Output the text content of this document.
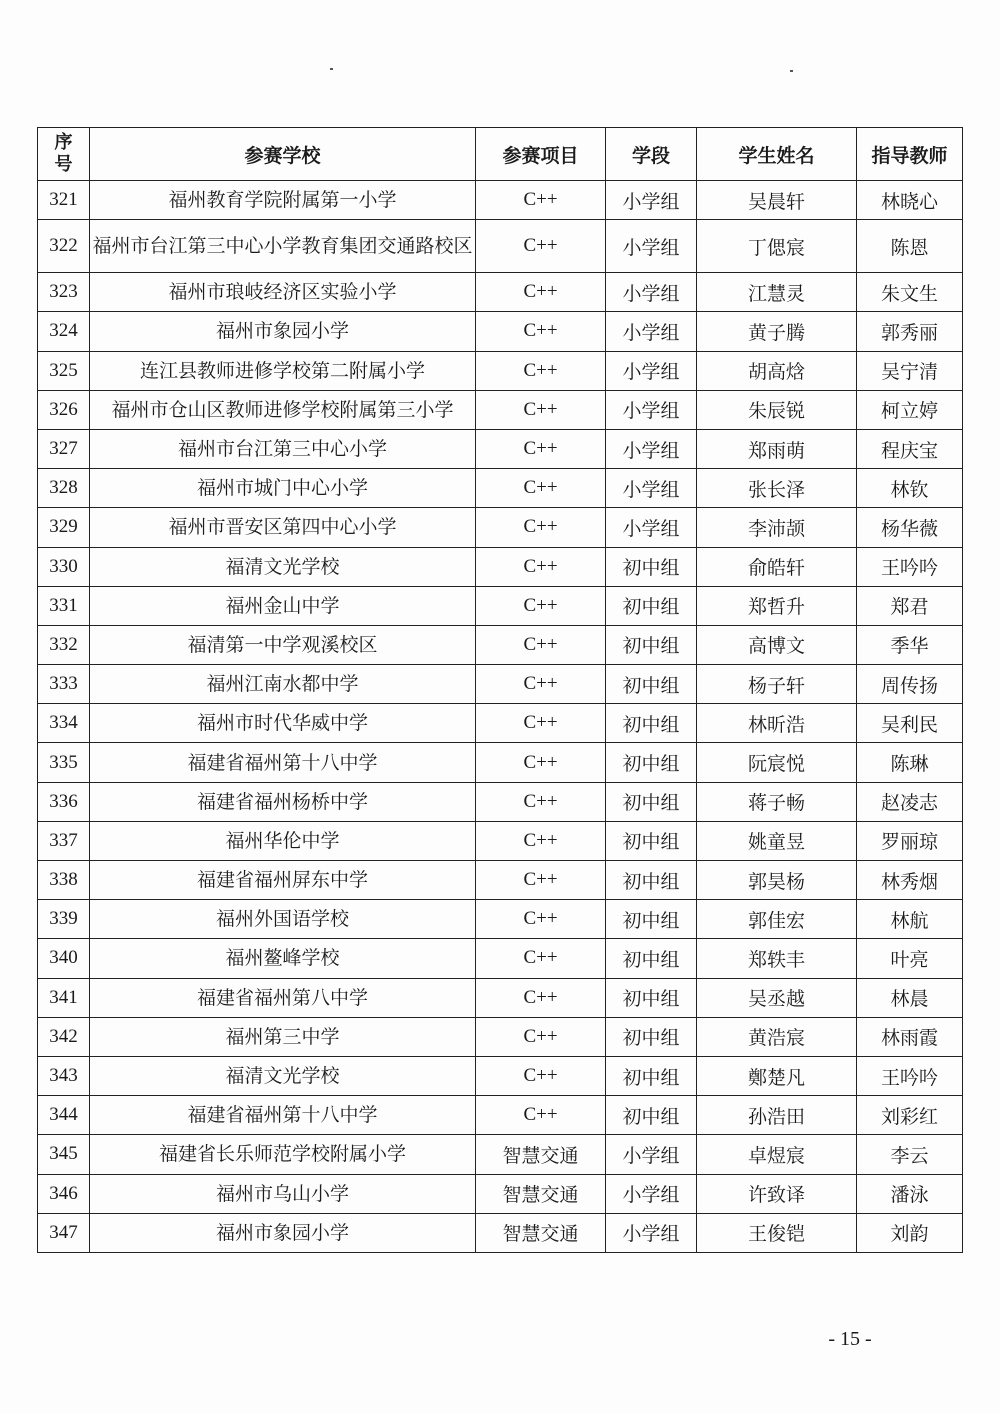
序
号	参赛学校	参赛项目	学段	学生姓名	指导教师
321	福州教育学院附属第一小学	C++	小学组	吴晨轩	林晓心
322	福州市台江第三中心小学教育集团交通路校区	C++	小学组	丁偲宸	陈恩
323	福州市琅岐经济区实验小学	C++	小学组	江慧灵	朱文生
324	福州市象园小学	C++	小学组	黄子腾	郭秀丽
325	连江县教师进修学校第二附属小学	C++	小学组	胡高焓	吴宁清
326	福州市仓山区教师进修学校附属第三小学	C++	小学组	朱辰锐	柯立婷
327	福州市台江第三中心小学	C++	小学组	郑雨萌	程庆宝
328	福州市城门中心小学	C++	小学组	张长泽	林钦
329	福州市晋安区第四中心小学	C++	小学组	李沛颉	杨华薇
330	福清文光学校	C++	初中组	俞皓轩	王吟吟
331	福州金山中学	C++	初中组	郑哲升	郑君
332	福清第一中学观溪校区	C++	初中组	高博文	季华
333	福州江南水都中学	C++	初中组	杨子轩	周传扬
334	福州市时代华威中学	C++	初中组	林昕浩	吴利民
335	福建省福州第十八中学	C++	初中组	阮宸悦	陈琳
336	福建省福州杨桥中学	C++	初中组	蒋子畅	赵凌志
337	福州华伦中学	C++	初中组	姚童昱	罗丽琼
338	福建省福州屏东中学	C++	初中组	郭昊杨	林秀烟
339	福州外国语学校	C++	初中组	郭佳宏	林航
340	福州鳌峰学校	C++	初中组	郑轶丰	叶亮
341	福建省福州第八中学	C++	初中组	吴丞越	林晨
342	福州第三中学	C++	初中组	黄浩宸	林雨霞
343	福清文光学校	C++	初中组	鄭楚凡	王吟吟
344	福建省福州第十八中学	C++	初中组	孙浩田	刘彩红
345	福建省长乐师范学校附属小学	智慧交通	小学组	卓煜宸	李云
346	福州市乌山小学	智慧交通	小学组	许致译	潘泳
347	福州市象园小学	智慧交通	小学组	王俊铠	刘韵
- 15 -
